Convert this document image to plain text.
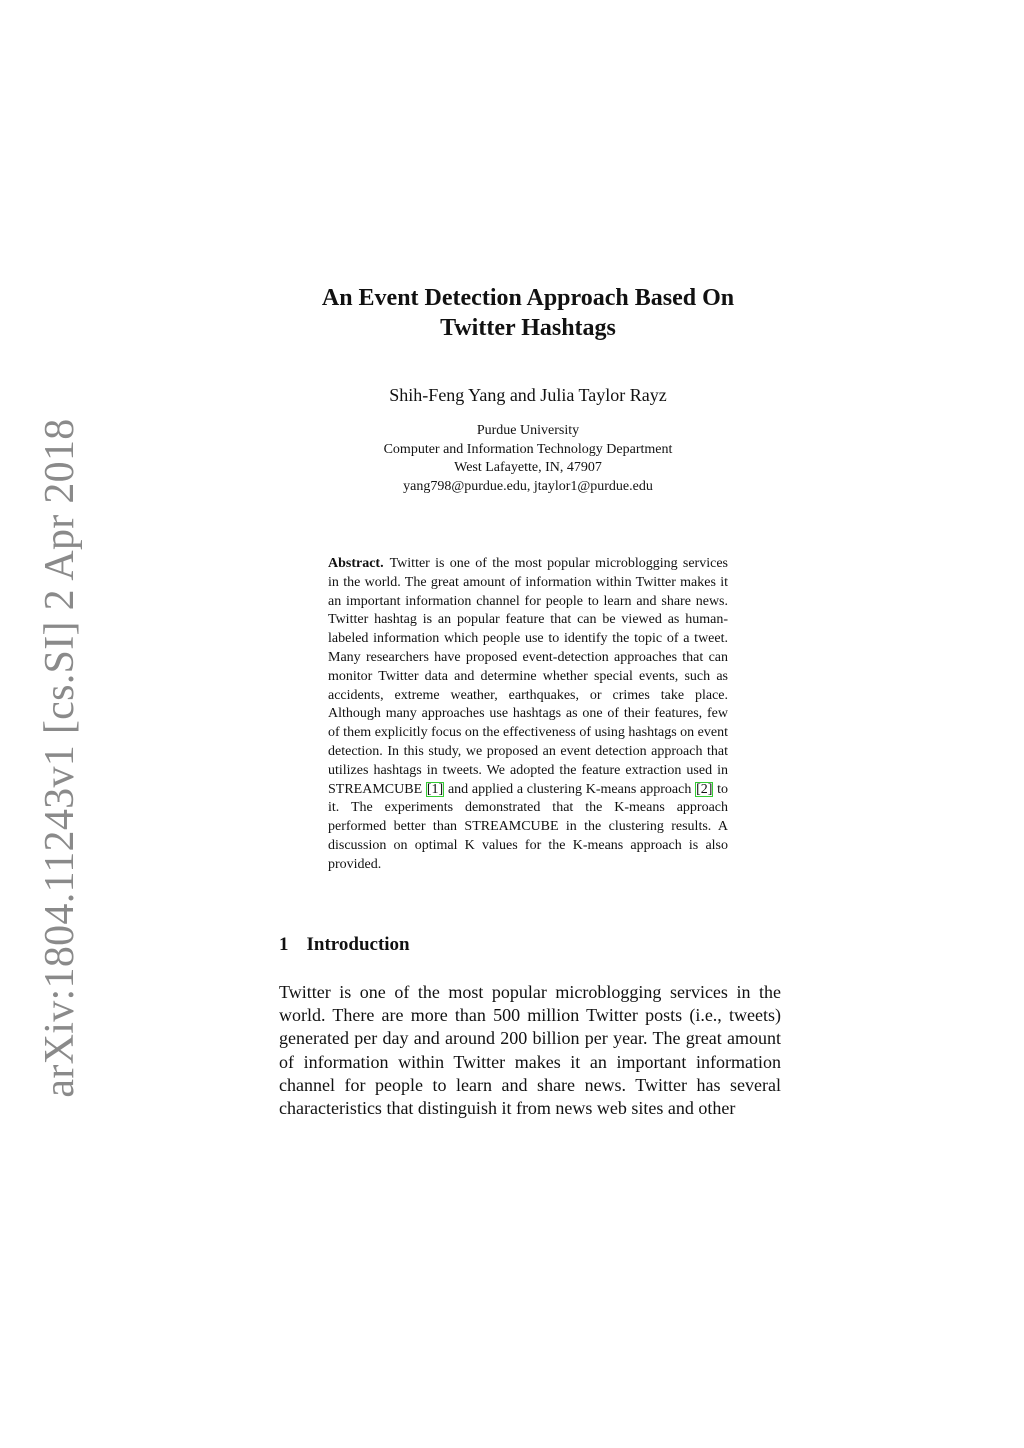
arXiv:1804.11243v1 [cs.SI] 2 Apr 2018
An Event Detection Approach Based On
Twitter Hashtags
Shih-Feng Yang and Julia Taylor Rayz
Purdue University
Computer and Information Technology Department
West Lafayette, IN, 47907
yang798@purdue.edu, jtaylor1@purdue.edu

Abstract. Twitter is one of the most popular microblogging services in the world. The great amount of information within Twitter makes it an important information channel for people to learn and share news. Twitter hashtag is an popular feature that can be viewed as human-labeled information which people use to identify the topic of a tweet. Many researchers have proposed event-detection approaches that can monitor Twitter data and determine whether special events, such as accidents, extreme weather, earthquakes, or crimes take place. Although many approaches use hashtags as one of their features, few of them explicitly focus on the effectiveness of using hashtags on event detection. In this study, we proposed an event detection approach that utilizes hashtags in tweets. We adopted the feature extraction used in STREAMCUBE [1] and applied a clustering K-means approach [2] to it. The experiments demonstrated that the K-means approach performed better than STREAMCUBE in the clustering results. A discussion on optimal K values for the K-means approach is also provided.

1 Introduction

Twitter is one of the most popular microblogging services in the world. There are more than 500 million Twitter posts (i.e., tweets) generated per day and around 200 billion per year. The great amount of information within Twitter makes it an important information channel for people to learn and share news. Twitter has several characteristics that distinguish it from news web sites and other
